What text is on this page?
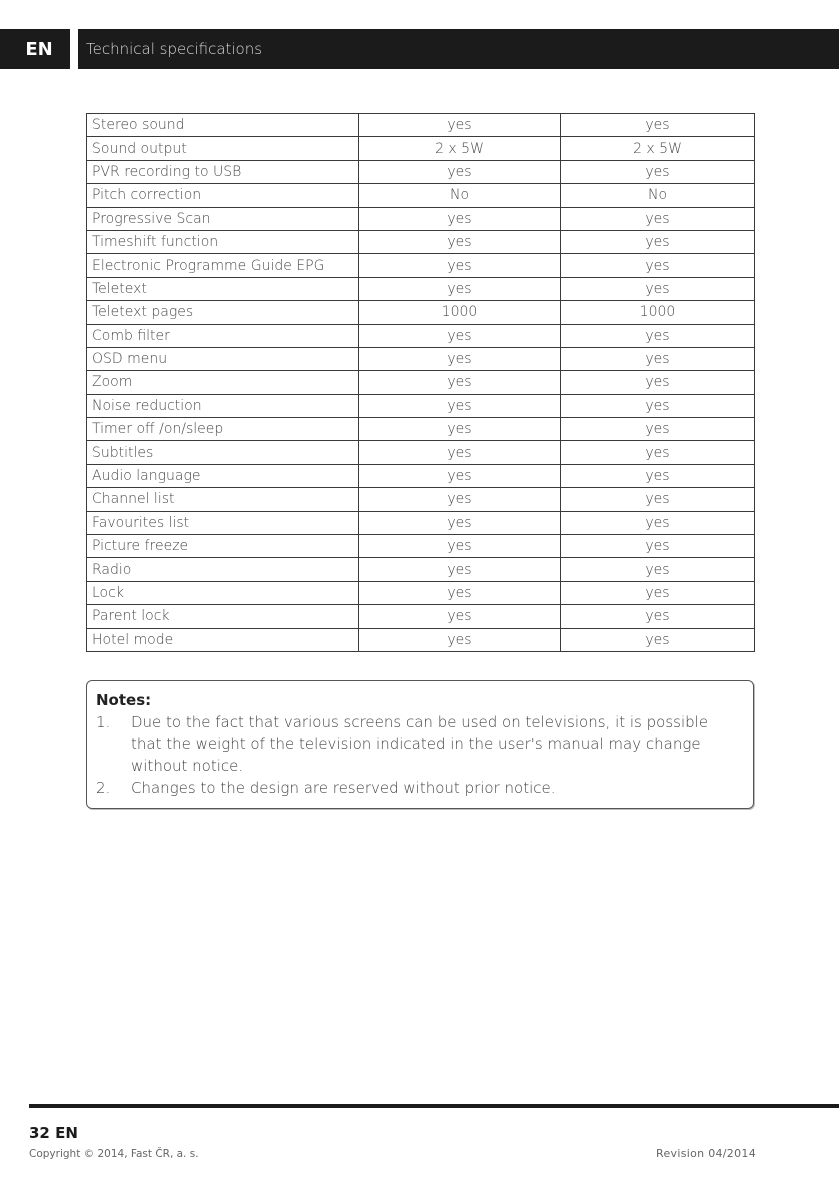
EN	Technical specifications
Stereo sound	yes	yes
Sound output	2 x 5W	2 x 5W
PVR recording to USB	yes	yes
Pitch correction	No	No
Progressive Scan	yes	yes
Timeshift function	yes	yes
Electronic Programme Guide EPG	yes	yes
Teletext	yes	yes
Teletext pages	1000	1000
Comb filter	yes	yes
OSD menu	yes	yes
Zoom	yes	yes
Noise reduction	yes	yes
Timer off /on/sleep	yes	yes
Subtitles	yes	yes
Audio language	yes	yes
Channel list	yes	yes
Favourites list	yes	yes
Picture freeze	yes	yes
Radio	yes	yes
Lock	yes	yes
Parent lock	yes	yes
Hotel mode	yes	yes
Notes:
1.	Due to the fact that various screens can be used on televisions, it is possible that the weight of the television indicated in the user's manual may change without notice.
2.	Changes to the design are reserved without prior notice.
32 EN
Copyright © 2014, Fast ČR, a. s.	Revision 04/2014
